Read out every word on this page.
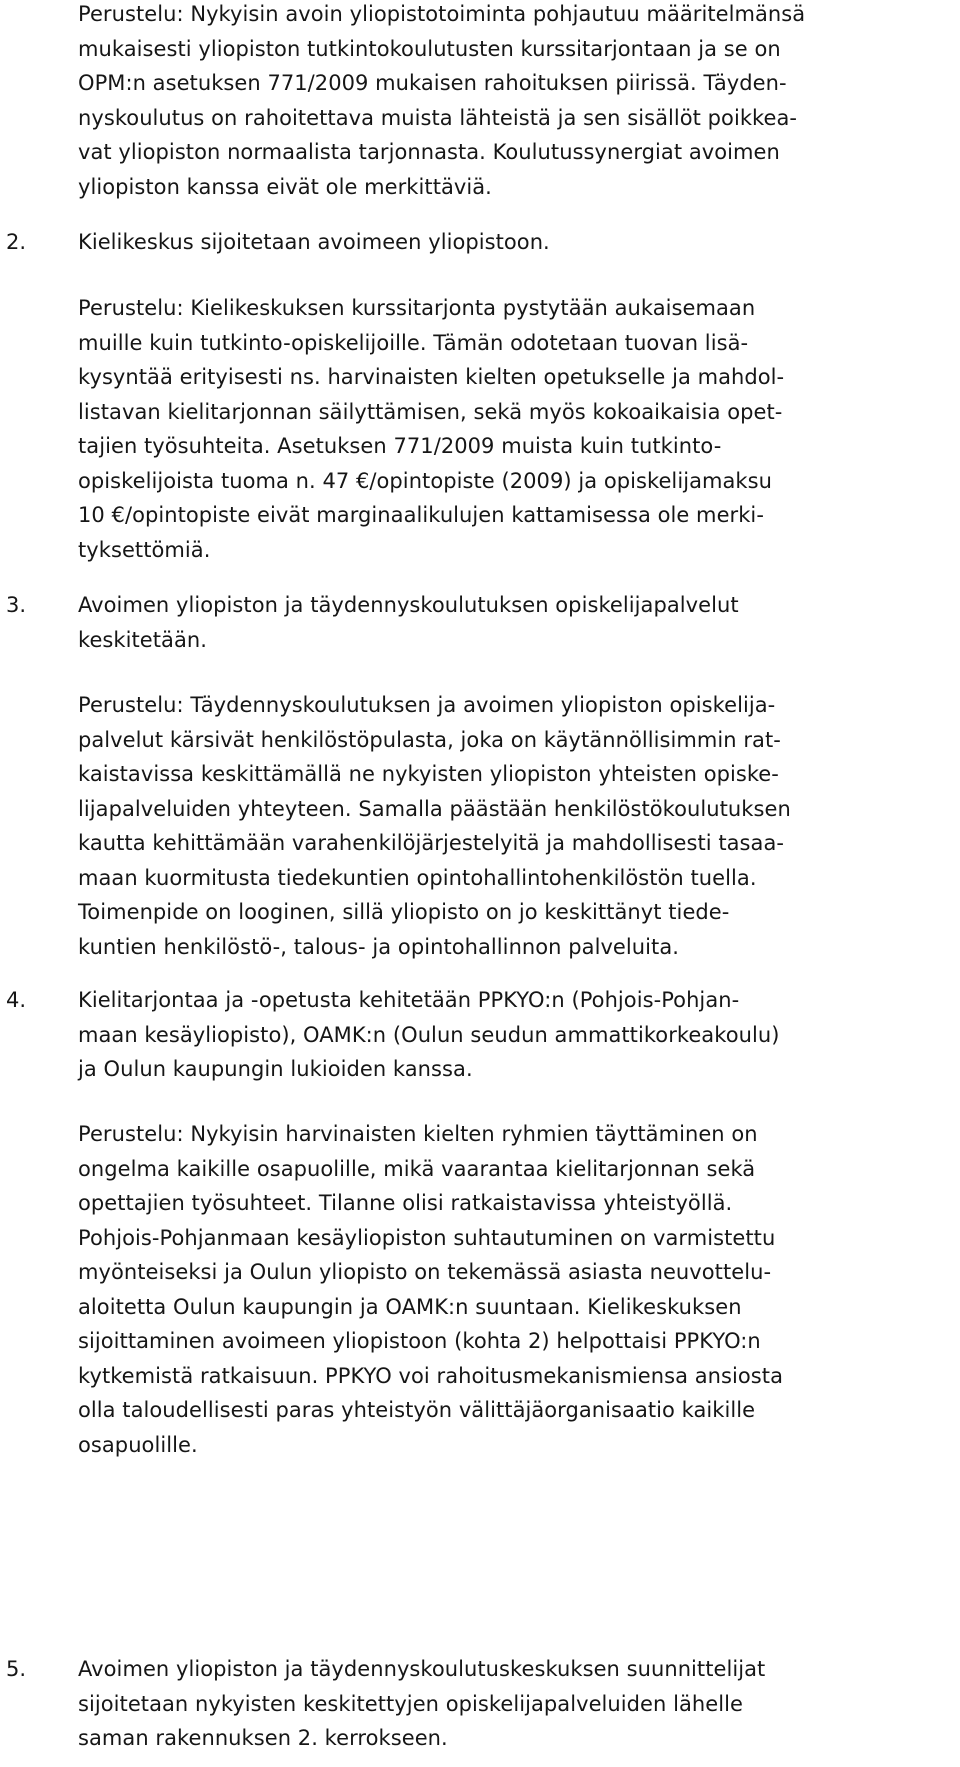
Perustelu: Nykyisin avoin yliopistotoiminta pohjautuu määritelmänsä
mukaisesti yliopiston tutkintokoulutusten kurssitarjontaan ja se on
OPM:n asetuksen 771/2009 mukaisen rahoituksen piirissä. Täyden-
nyskoulutus on rahoitettava muista lähteistä ja sen sisällöt poikkea-
vat yliopiston normaalista tarjonnasta. Koulutussynergiat avoimen
yliopiston kanssa eivät ole merkittäviä.
2. Kielikeskus sijoitetaan avoimeen yliopistoon.
Perustelu: Kielikeskuksen kurssitarjonta pystytään aukaisemaan
muille kuin tutkinto-opiskelijoille. Tämän odotetaan tuovan lisä-
kysyntää erityisesti ns. harvinaisten kielten opetukselle ja mahdol-
listavan kielitarjonnan säilyttämisen, sekä myös kokoaikaisia opet-
tajien työsuhteita. Asetuksen 771/2009 muista kuin tutkinto-
opiskelijoista tuoma n. 47 €/opintopiste (2009) ja opiskelijamaksu
10 €/opintopiste eivät marginaalikulujen kattamisessa ole merki-
tyksettömiä.
3. Avoimen yliopiston ja täydennyskoulutuksen opiskelijapalvelut
keskitetään.
Perustelu: Täydennyskoulutuksen ja avoimen yliopiston opiskelija-
palvelut kärsivät henkilöstöpulasta, joka on käytännöllisimmin rat-
kaistavissa keskittämällä ne nykyisten yliopiston yhteisten opiske-
lijapalveluiden yhteyteen. Samalla päästään henkilöstökoulutuksen
kautta kehittämään varahenkilöjärjestelyitä ja mahdollisesti tasaa-
maan kuormitusta tiedekuntien opintohallintohenkilöstön tuella.
Toimenpide on looginen, sillä yliopisto on jo keskittänyt tiede-
kuntien henkilöstö-, talous- ja opintohallinnon palveluita.
4. Kielitarjontaa ja -opetusta kehitetään PPKYO:n (Pohjois-Pohjan-
maan kesäyliopisto), OAMK:n (Oulun seudun ammattikorkeakoulu)
ja Oulun kaupungin lukioiden kanssa.
Perustelu: Nykyisin harvinaisten kielten ryhmien täyttäminen on
ongelma kaikille osapuolille, mikä vaarantaa kielitarjonnan sekä
opettajien työsuhteet. Tilanne olisi ratkaistavissa yhteistyöllä.
Pohjois-Pohjanmaan kesäyliopiston suhtautuminen on varmistettu
myönteiseksi ja Oulun yliopisto on tekemässä asiasta neuvottelu-
aloitetta Oulun kaupungin ja OAMK:n suuntaan. Kielikeskuksen
sijoittaminen avoimeen yliopistoon (kohta 2) helpottaisi PPKYO:n
kytkemistä ratkaisuun. PPKYO voi rahoitusmekanismiensa ansiosta
olla taloudellisesti paras yhteistyön välittäjäorganisaatio kaikille
osapuolille.
5. Avoimen yliopiston ja täydennyskoulutuskeskuksen suunnittelijat
sijoitetaan nykyisten keskitettyjen opiskelijapalveluiden lähelle
saman rakennuksen 2. kerrokseen.
